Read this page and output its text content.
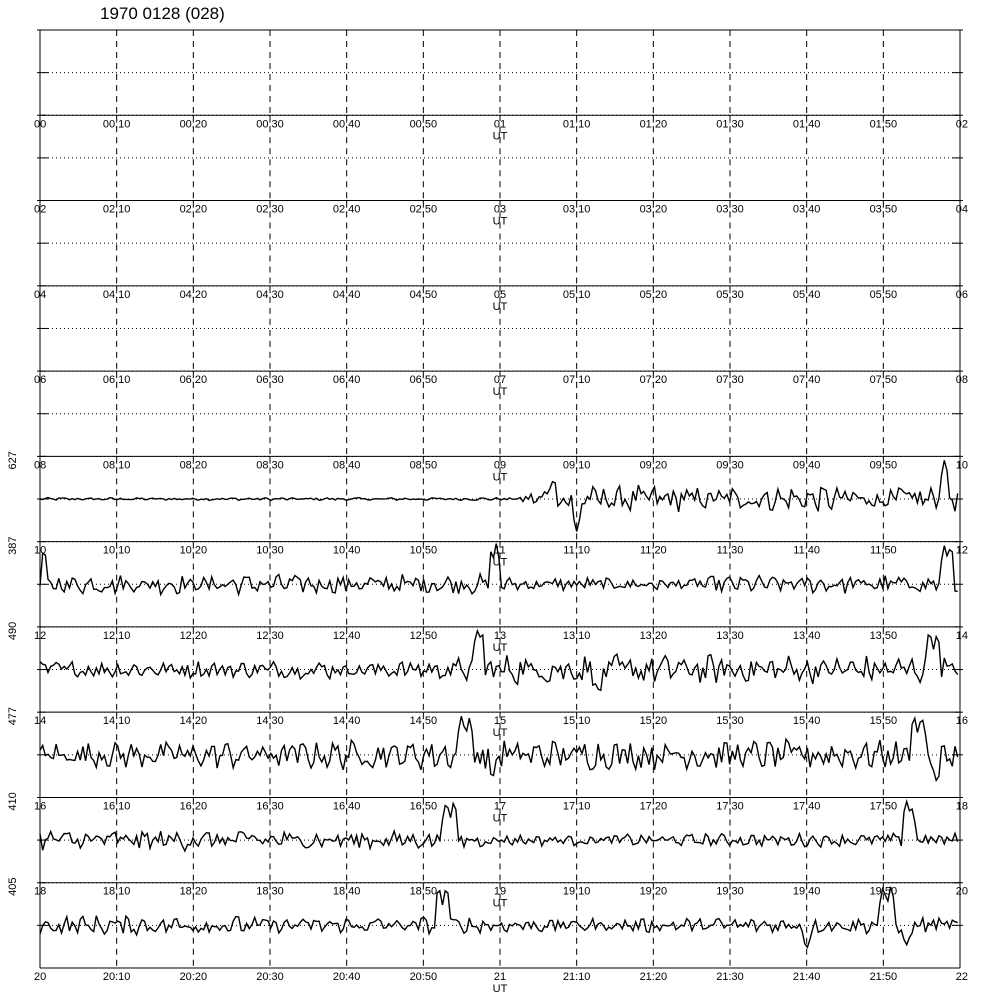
1970 0128 (028)
00	00:10	00:20	00:30	00:40	00:50	01	01:10	01:20	01:30	01:40	01:50	02
UT
02	02:10	02:20	02:30	02:40	02:50	03	03:10	03:20	03:30	03:40	03:50	04
UT
04	04:10	04:20	04:30	04:40	04:50	05	05:10	05:20	05:30	05:40	05:50	06
UT
06	06:10	06:20	06:30	06:40	06:50	07	07:10	07:20	07:30	07:40	07:50	08
UT
08	08:10	08:20	08:30	08:40	08:50	09	09:10	09:20	09:30	09:40	09:50	10
UT
10	10:10	10:20	10:30	10:40	10:50	11	11:10	11:20	11:30	11:40	11:50	12
UT
627
12	12:10	12:20	12:30	12:40	12:50	13	13:10	13:20	13:30	13:40	13:50	14
UT
387
14	14:10	14:20	14:30	14:40	14:50	15	15:10	15:20	15:30	15:40	15:50	16
UT
490
16	16:10	16:20	16:30	16:40	16:50	17	17:10	17:20	17:30	17:40	17:50	18
UT
477
18	18:10	18:20	18:30	18:40	18:50	19	19:10	19:20	19:30	19:40	19:50	20
UT
410
20	20:10	20:20	20:30	20:40	20:50	21	21:10	21:20	21:30	21:40	21:50	22
UT
405
